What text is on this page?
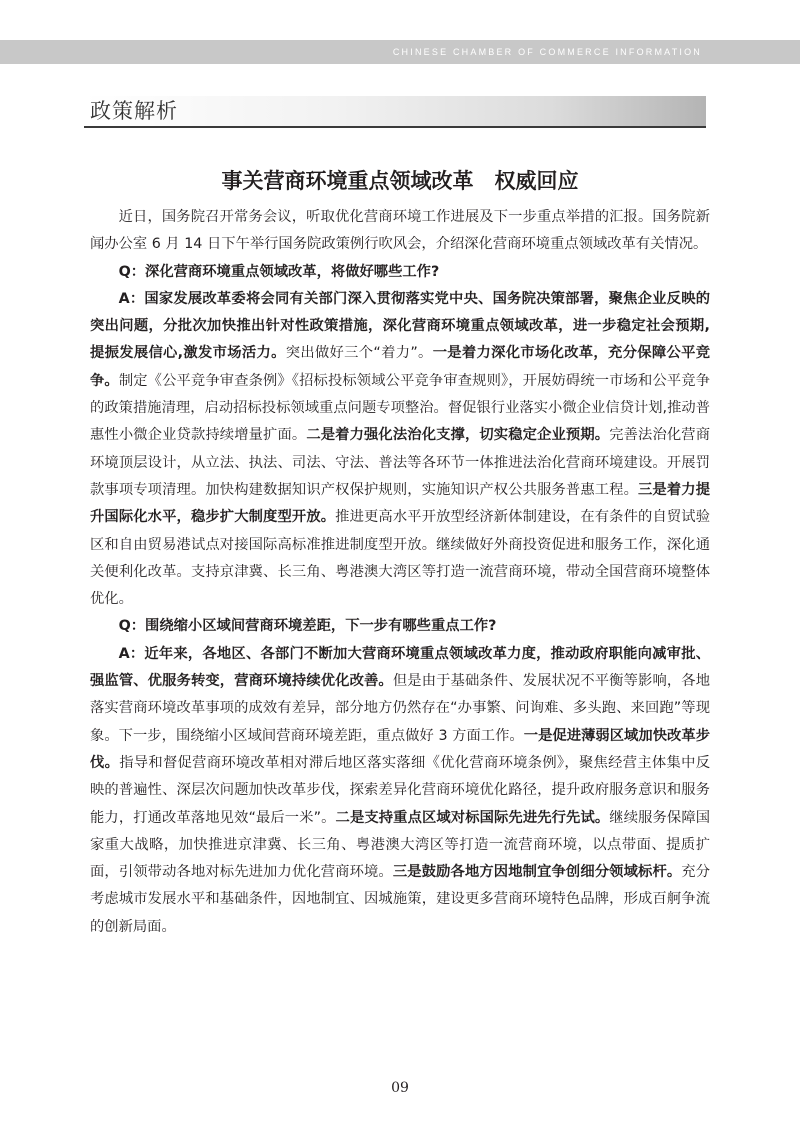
CHINESE CHAMBER OF COMMERCE INFORMATION
政策解析
事关营商环境重点领域改革　权威回应

近日，国务院召开常务会议，听取优化营商环境工作进展及下一步重点举措的汇报。国务院新闻办公室 6 月 14 日下午举行国务院政策例行吹风会，介绍深化营商环境重点领域改革有关情况。

Q：深化营商环境重点领域改革，将做好哪些工作?

A：国家发展改革委将会同有关部门深入贯彻落实党中央、国务院决策部署，聚焦企业反映的突出问题，分批次加快推出针对性政策措施，深化营商环境重点领域改革，进一步稳定社会预期,提振发展信心,激发市场活力。突出做好三个“着力”。一是着力深化市场化改革，充分保障公平竞争。制定《公平竞争审查条例》《招标投标领域公平竞争审查规则》，开展妨碍统一市场和公平竞争的政策措施清理，启动招标投标领域重点问题专项整治。督促银行业落实小微企业信贷计划,推动普惠性小微企业贷款持续增量扩面。二是着力强化法治化支撑，切实稳定企业预期。完善法治化营商环境顶层设计，从立法、执法、司法、守法、普法等各环节一体推进法治化营商环境建设。开展罚款事项专项清理。加快构建数据知识产权保护规则，实施知识产权公共服务普惠工程。三是着力提升国际化水平，稳步扩大制度型开放。推进更高水平开放型经济新体制建设，在有条件的自贸试验区和自由贸易港试点对接国际高标准推进制度型开放。继续做好外商投资促进和服务工作，深化通关便利化改革。支持京津冀、长三角、粤港澳大湾区等打造一流营商环境，带动全国营商环境整体优化。

Q：围绕缩小区域间营商环境差距，下一步有哪些重点工作?

A：近年来，各地区、各部门不断加大营商环境重点领域改革力度，推动政府职能向减审批、强监管、优服务转变，营商环境持续优化改善。但是由于基础条件、发展状况不平衡等影响，各地落实营商环境改革事项的成效有差异，部分地方仍然存在“办事繁、问询难、多头跑、来回跑”等现象。下一步，围绕缩小区域间营商环境差距，重点做好 3 方面工作。一是促进薄弱区域加快改革步伐。指导和督促营商环境改革相对滞后地区落实落细《优化营商环境条例》，聚焦经营主体集中反映的普遍性、深层次问题加快改革步伐，探索差异化营商环境优化路径，提升政府服务意识和服务能力，打通改革落地见效“最后一米”。二是支持重点区域对标国际先进先行先试。继续服务保障国家重大战略，加快推进京津冀、长三角、粤港澳大湾区等打造一流营商环境，以点带面、提质扩面，引领带动各地对标先进加力优化营商环境。三是鼓励各地方因地制宜争创细分领域标杆。充分考虑城市发展水平和基础条件，因地制宜、因城施策，建设更多营商环境特色品牌，形成百舸争流的创新局面。

09
